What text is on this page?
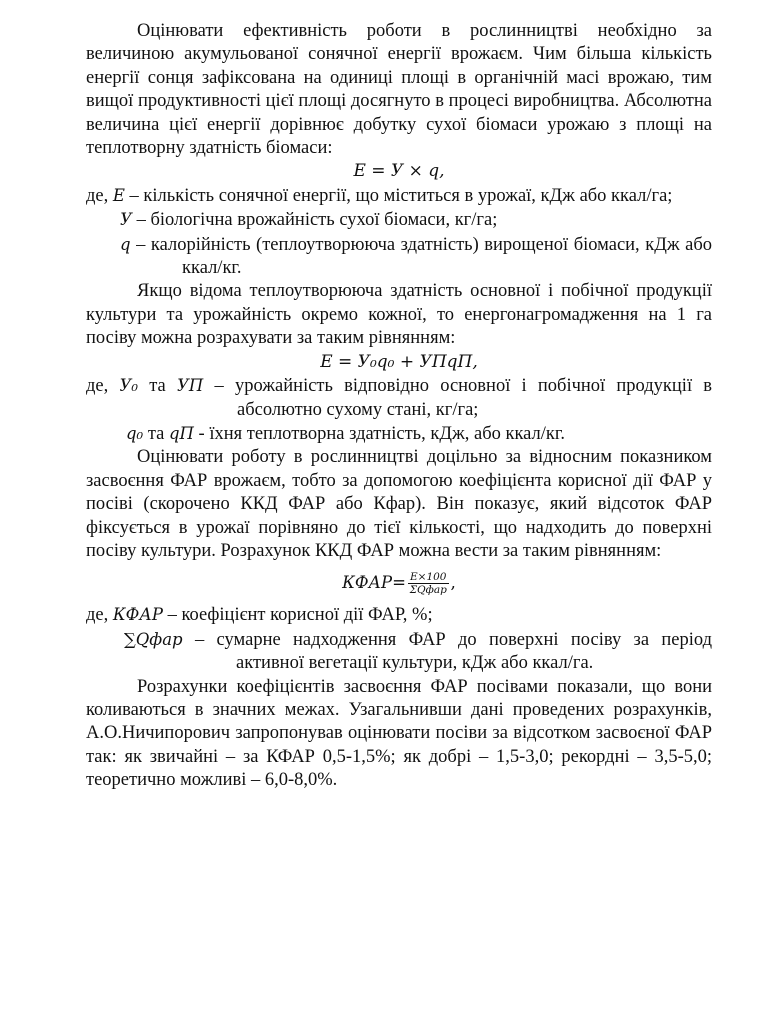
Оцінювати ефективність роботи в рослинництві необхідно за величиною акумульованої сонячної енергії врожаєм. Чим більша кількість енергії сонця зафіксована на одиниці площі в органічній масі врожаю, тим вищої продуктивності цієї площі досягнуто в процесі виробництва. Абсолютна величина цієї енергії дорівнює добутку сухої біомаси урожаю з площі на теплотворну здатність біомаси:

Е = У × q,

де, Е – кількість сонячної енергії, що міститься в урожаї, кДж або ккал/га;

У – біологічна врожайність сухої біомаси, кг/га;

q – калорійність (теплоутворююча здатність) вирощеної біомаси, кДж або ккал/кг.

Якщо відома теплоутворююча здатність основної і побічної продукції культури та урожайність окремо кожної, то енергонагромадження на 1 га посіву можна розрахувати за таким рівнянням:

Е = У₀q₀ + УПqП,

де, У₀ та УП – урожайність відповідно основної і побічної продукції в абсолютно сухому стані, кг/га;

q₀ та qП - їхня теплотворна здатність, кДж, або ккал/кг.

Оцінювати роботу в рослинництві доцільно за відносним показником засвоєння ФАР врожаєм, тобто за допомогою коефіцієнта корисної дії ФАР у посіві (скорочено ККД ФАР або Кфар). Він показує, який відсоток ФАР фіксується в урожаї порівняно до тієї кількості, що надходить до поверхні посіву культури. Розрахунок ККД ФАР можна вести за таким рівнянням:

КФАР= $\frac{E\times 100}{\text{ΣQфар}}$ ,

де, КФАР – коефіцієнт корисної дії ФАР, %;

∑Qфар – сумарне надходження ФАР до поверхні посіву за період активної вегетації культури, кДж або ккал/га.

Розрахунки коефіцієнтів засвоєння ФАР посівами показали, що вони коливаються в значних межах. Узагальнивши дані проведених розрахунків, А.О.Ничипорович запропонував оцінювати посіви за відсотком засвоєної ФАР так: як звичайні – за КФАР 0,5-1,5%; як добрі – 1,5-3,0; рекордні – 3,5-5,0; теоретично можливі – 6,0-8,0%.
